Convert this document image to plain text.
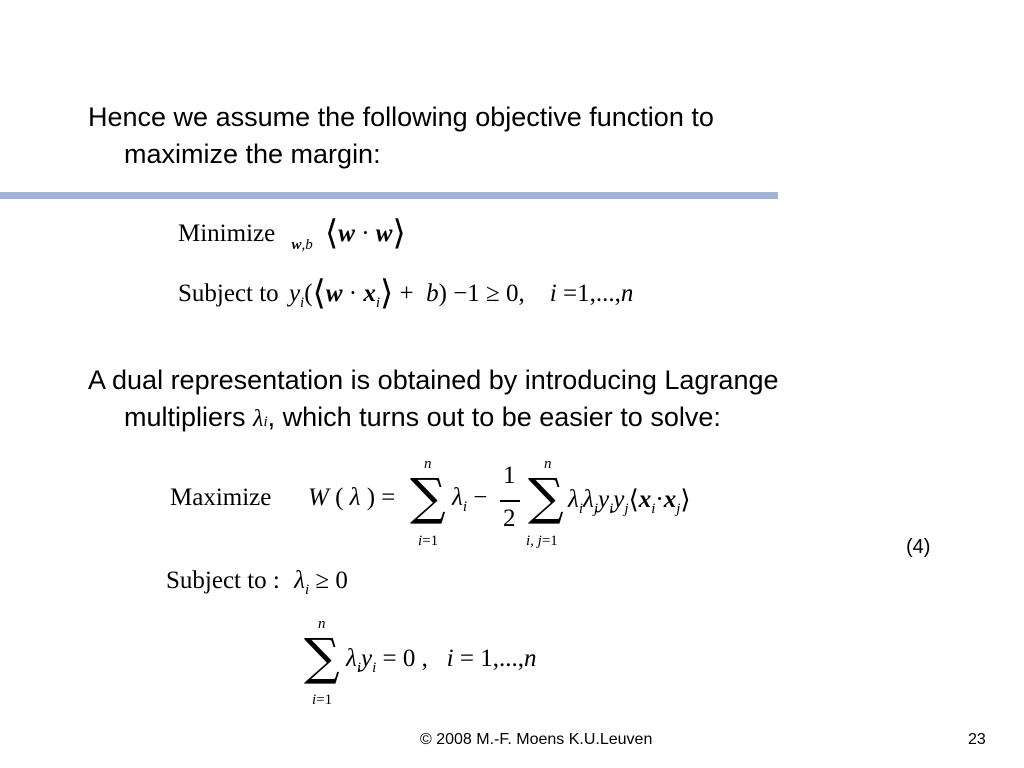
Hence we assume the following objective function to
maximize the margin:
Minimize $_{w,b}$ ⟨w · w⟩
Subject to $y_i(⟨w$ · $x_i⟩ + b) -1 \ge 0$,    i =1,...,n
A dual representation is obtained by introducing Lagrange
multipliers λi, which turns out to be easier to solve:
Maximize W ( λ ) =
n
∑
i=1
$\lambda_i$ −
1
2
n
∑
i, j=1
$\lambda_i\lambda_jy_iy_j⟨x_i\cdot x_j⟩$
(4)
Subject to : $\lambda_i \ge 0$
n
∑
i=1
$\lambda_iy_i = 0$ ,   i = 1,...,n
© 2008 M.-F. Moens K.U.Leuven	23
